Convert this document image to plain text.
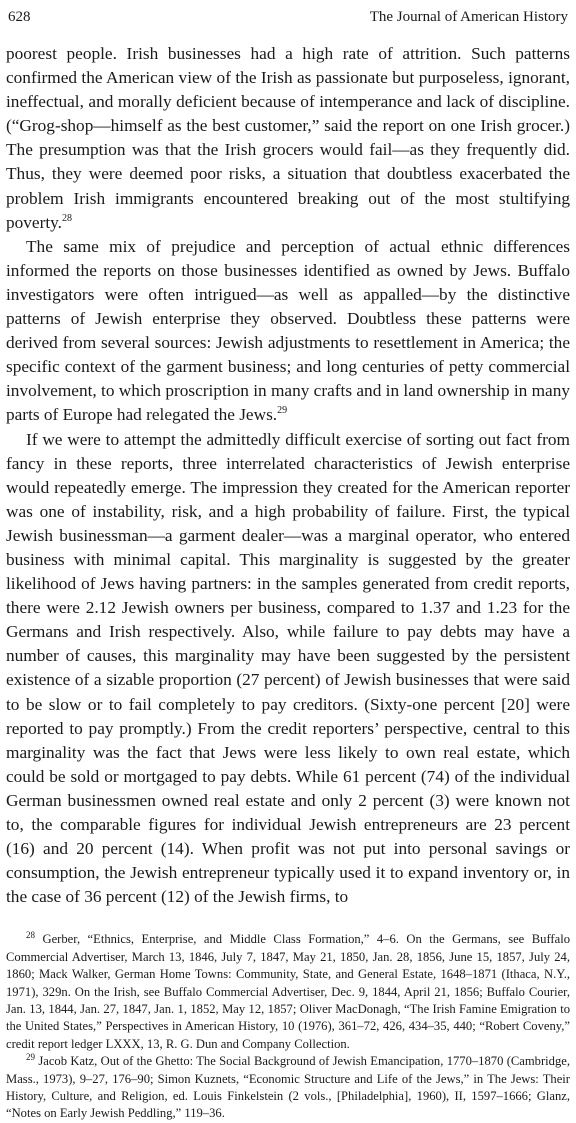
628	The Journal of American History

poorest people. Irish businesses had a high rate of attrition. Such patterns confirmed the American view of the Irish as passionate but purposeless, ignorant, ineffectual, and morally deficient because of intemperance and lack of discipline. (“Grog-shop—himself as the best customer,” said the report on one Irish grocer.) The presumption was that the Irish grocers would fail—as they frequently did. Thus, they were deemed poor risks, a situation that doubtless exacerbated the problem Irish immigrants encountered breaking out of the most stultifying poverty.$^{28}$

The same mix of prejudice and perception of actual ethnic differences informed the reports on those businesses identified as owned by Jews. Buffalo investigators were often intrigued—as well as appalled—by the distinctive patterns of Jewish enterprise they observed. Doubtless these patterns were derived from several sources: Jewish adjustments to resettlement in America; the specific context of the garment business; and long centuries of petty commercial involvement, to which proscription in many crafts and in land ownership in many parts of Europe had relegated the Jews.$^{29}$

If we were to attempt the admittedly difficult exercise of sorting out fact from fancy in these reports, three interrelated characteristics of Jewish enterprise would repeatedly emerge. The impression they created for the American reporter was one of instability, risk, and a high probability of failure. First, the typical Jewish businessman—a garment dealer—was a marginal operator, who entered business with minimal capital. This marginality is suggested by the greater likelihood of Jews having partners: in the samples generated from credit reports, there were 2.12 Jewish owners per business, compared to 1.37 and 1.23 for the Germans and Irish respectively. Also, while failure to pay debts may have a number of causes, this marginality may have been suggested by the persistent existence of a sizable proportion (27 percent) of Jewish businesses that were said to be slow or to fail completely to pay creditors. (Sixty-one percent [20] were reported to pay promptly.) From the credit reporters’ perspective, central to this marginality was the fact that Jews were less likely to own real estate, which could be sold or mortgaged to pay debts. While 61 percent (74) of the individual German businessmen owned real estate and only 2 percent (3) were known not to, the comparable figures for individual Jewish entrepreneurs are 23 percent (16) and 20 percent (14). When profit was not put into personal savings or consumption, the Jewish entrepreneur typically used it to expand inventory or, in the case of 36 percent (12) of the Jewish firms, to

$^{28}$ Gerber, “Ethnics, Enterprise, and Middle Class Formation,” 4–6. On the Germans, see Buffalo Commercial Advertiser, March 13, 1846, July 7, 1847, May 21, 1850, Jan. 28, 1856, June 15, 1857, July 24, 1860; Mack Walker, German Home Towns: Community, State, and General Estate, 1648–1871 (Ithaca, N.Y., 1971), 329n. On the Irish, see Buffalo Commercial Advertiser, Dec. 9, 1844, April 21, 1856; Buffalo Courier, Jan. 13, 1844, Jan. 27, 1847, Jan. 1, 1852, May 12, 1857; Oliver MacDonagh, “The Irish Famine Emigration to the United States,” Perspectives in American History, 10 (1976), 361–72, 426, 434–35, 440; “Robert Coveny,” credit report ledger LXXX, 13, R. G. Dun and Company Collection.

$^{29}$ Jacob Katz, Out of the Ghetto: The Social Background of Jewish Emancipation, 1770–1870 (Cambridge, Mass., 1973), 9–27, 176–90; Simon Kuznets, “Economic Structure and Life of the Jews,” in The Jews: Their History, Culture, and Religion, ed. Louis Finkelstein (2 vols., [Philadelphia], 1960), II, 1597–1666; Glanz, “Notes on Early Jewish Peddling,” 119–36.
